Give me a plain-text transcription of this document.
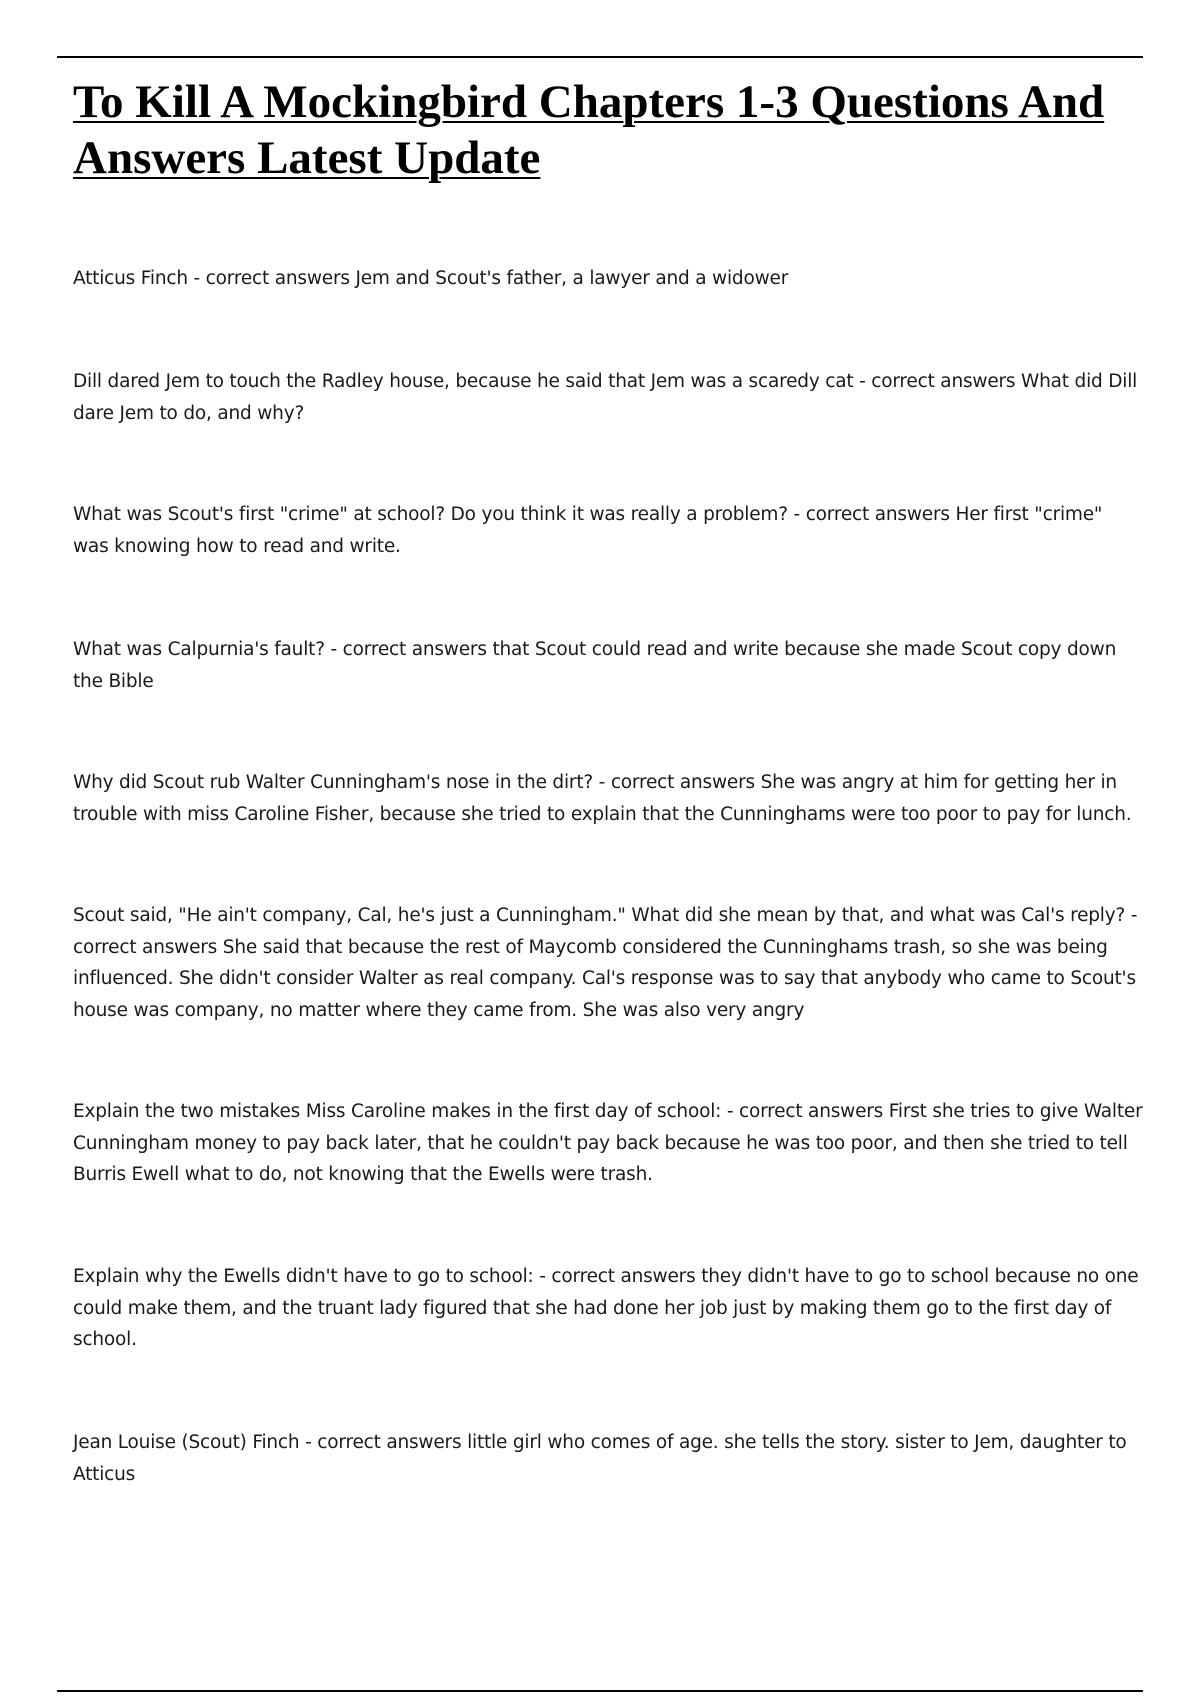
To Kill A Mockingbird Chapters 1-3 Questions And Answers Latest Update

Atticus Finch - correct answers Jem and Scout's father, a lawyer and a widower

Dill dared Jem to touch the Radley house, because he said that Jem was a scaredy cat - correct answers What did Dill dare Jem to do, and why?

What was Scout's first "crime" at school? Do you think it was really a problem? - correct answers Her first "crime" was knowing how to read and write.

What was Calpurnia's fault? - correct answers that Scout could read and write because she made Scout copy down the Bible

Why did Scout rub Walter Cunningham's nose in the dirt? - correct answers She was angry at him for getting her in trouble with miss Caroline Fisher, because she tried to explain that the Cunninghams were too poor to pay for lunch.

Scout said, "He ain't company, Cal, he's just a Cunningham." What did she mean by that, and what was Cal's reply? - correct answers She said that because the rest of Maycomb considered the Cunninghams trash, so she was being influenced. She didn't consider Walter as real company. Cal's response was to say that anybody who came to Scout's house was company, no matter where they came from. She was also very angry

Explain the two mistakes Miss Caroline makes in the first day of school: - correct answers First she tries to give Walter Cunningham money to pay back later, that he couldn't pay back because he was too poor, and then she tried to tell Burris Ewell what to do, not knowing that the Ewells were trash.

Explain why the Ewells didn't have to go to school: - correct answers they didn't have to go to school because no one could make them, and the truant lady figured that she had done her job just by making them go to the first day of school.

Jean Louise (Scout) Finch - correct answers little girl who comes of age. she tells the story. sister to Jem, daughter to Atticus
